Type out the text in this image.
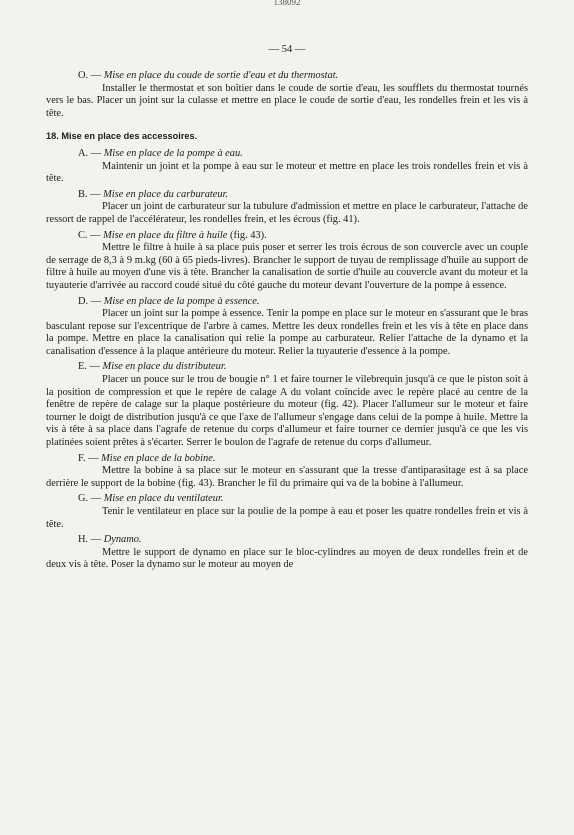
138092
— 54 —

O. — Mise en place du coude de sortie d'eau et du thermostat.

Installer le thermostat et son boîtier dans le coude de sortie d'eau, les soufflets du thermostat tournés vers le bas. Placer un joint sur la culasse et mettre en place le coude de sortie d'eau, les rondelles frein et les vis à tête.

18. Mise en place des accessoires.

A. — Mise en place de la pompe à eau.

Maintenir un joint et la pompe à eau sur le moteur et mettre en place les trois rondelles frein et vis à tête.

B. — Mise en place du carburateur.

Placer un joint de carburateur sur la tubulure d'admission et mettre en place le carburateur, l'attache de ressort de rappel de l'accélérateur, les rondelles frein, et les écrous (fig. 41).

C. — Mise en place du filtre à huile (fig. 43).

Mettre le filtre à huile à sa place puis poser et serrer les trois écrous de son couvercle avec un couple de serrage de 8,3 à 9 m.kg (60 à 65 pieds-livres). Brancher le support de tuyau de remplissage d'huile au support de filtre à huile au moyen d'une vis à tête. Brancher la canalisation de sortie d'huile au couvercle avant du moteur et la tuyauterie d'arrivée au raccord coudé situé du côté gauche du moteur devant l'ouverture de la pompe à essence.

D. — Mise en place de la pompe à essence.

Placer un joint sur la pompe à essence. Tenir la pompe en place sur le moteur en s'assurant que le bras basculant repose sur l'excentrique de l'arbre à cames. Mettre les deux rondelles frein et les vis à tête en place dans la pompe. Mettre en place la canalisation qui relie la pompe au carburateur. Relier l'attache de la dynamo et la canalisation d'essence à la plaque antérieure du moteur. Relier la tuyauterie d'essence à la pompe.

E. — Mise en place du distributeur.

Placer un pouce sur le trou de bougie n° 1 et faire tourner le vilebrequin jusqu'à ce que le piston soit à la position de compression et que le repère de calage A du volant coïncide avec le repère placé au centre de la fenêtre de repère de calage sur la plaque postérieure du moteur (fig. 42). Placer l'allumeur sur le moteur et faire tourner le doigt de distribution jusqu'à ce que l'axe de l'allumeur s'engage dans celui de la pompe à huile. Mettre la vis à tête à sa place dans l'agrafe de retenue du corps d'allumeur et faire tourner ce dernier jusqu'à ce que les vis platinées soient prêtes à s'écarter. Serrer le boulon de l'agrafe de retenue du corps d'allumeur.

F. — Mise en place de la bobine.

Mettre la bobine à sa place sur le moteur en s'assurant que la tresse d'antiparasitage est à sa place derrière le support de la bobine (fig. 43). Brancher le fil du primaire qui va de la bobine à l'allumeur.

G. — Mise en place du ventilateur.

Tenir le ventilateur en place sur la poulie de la pompe à eau et poser les quatre rondelles frein et vis à tête.

H. — Dynamo.

Mettre le support de dynamo en place sur le bloc-cylindres au moyen de deux rondelles frein et de deux vis à tête. Poser la dynamo sur le moteur au moyen de
